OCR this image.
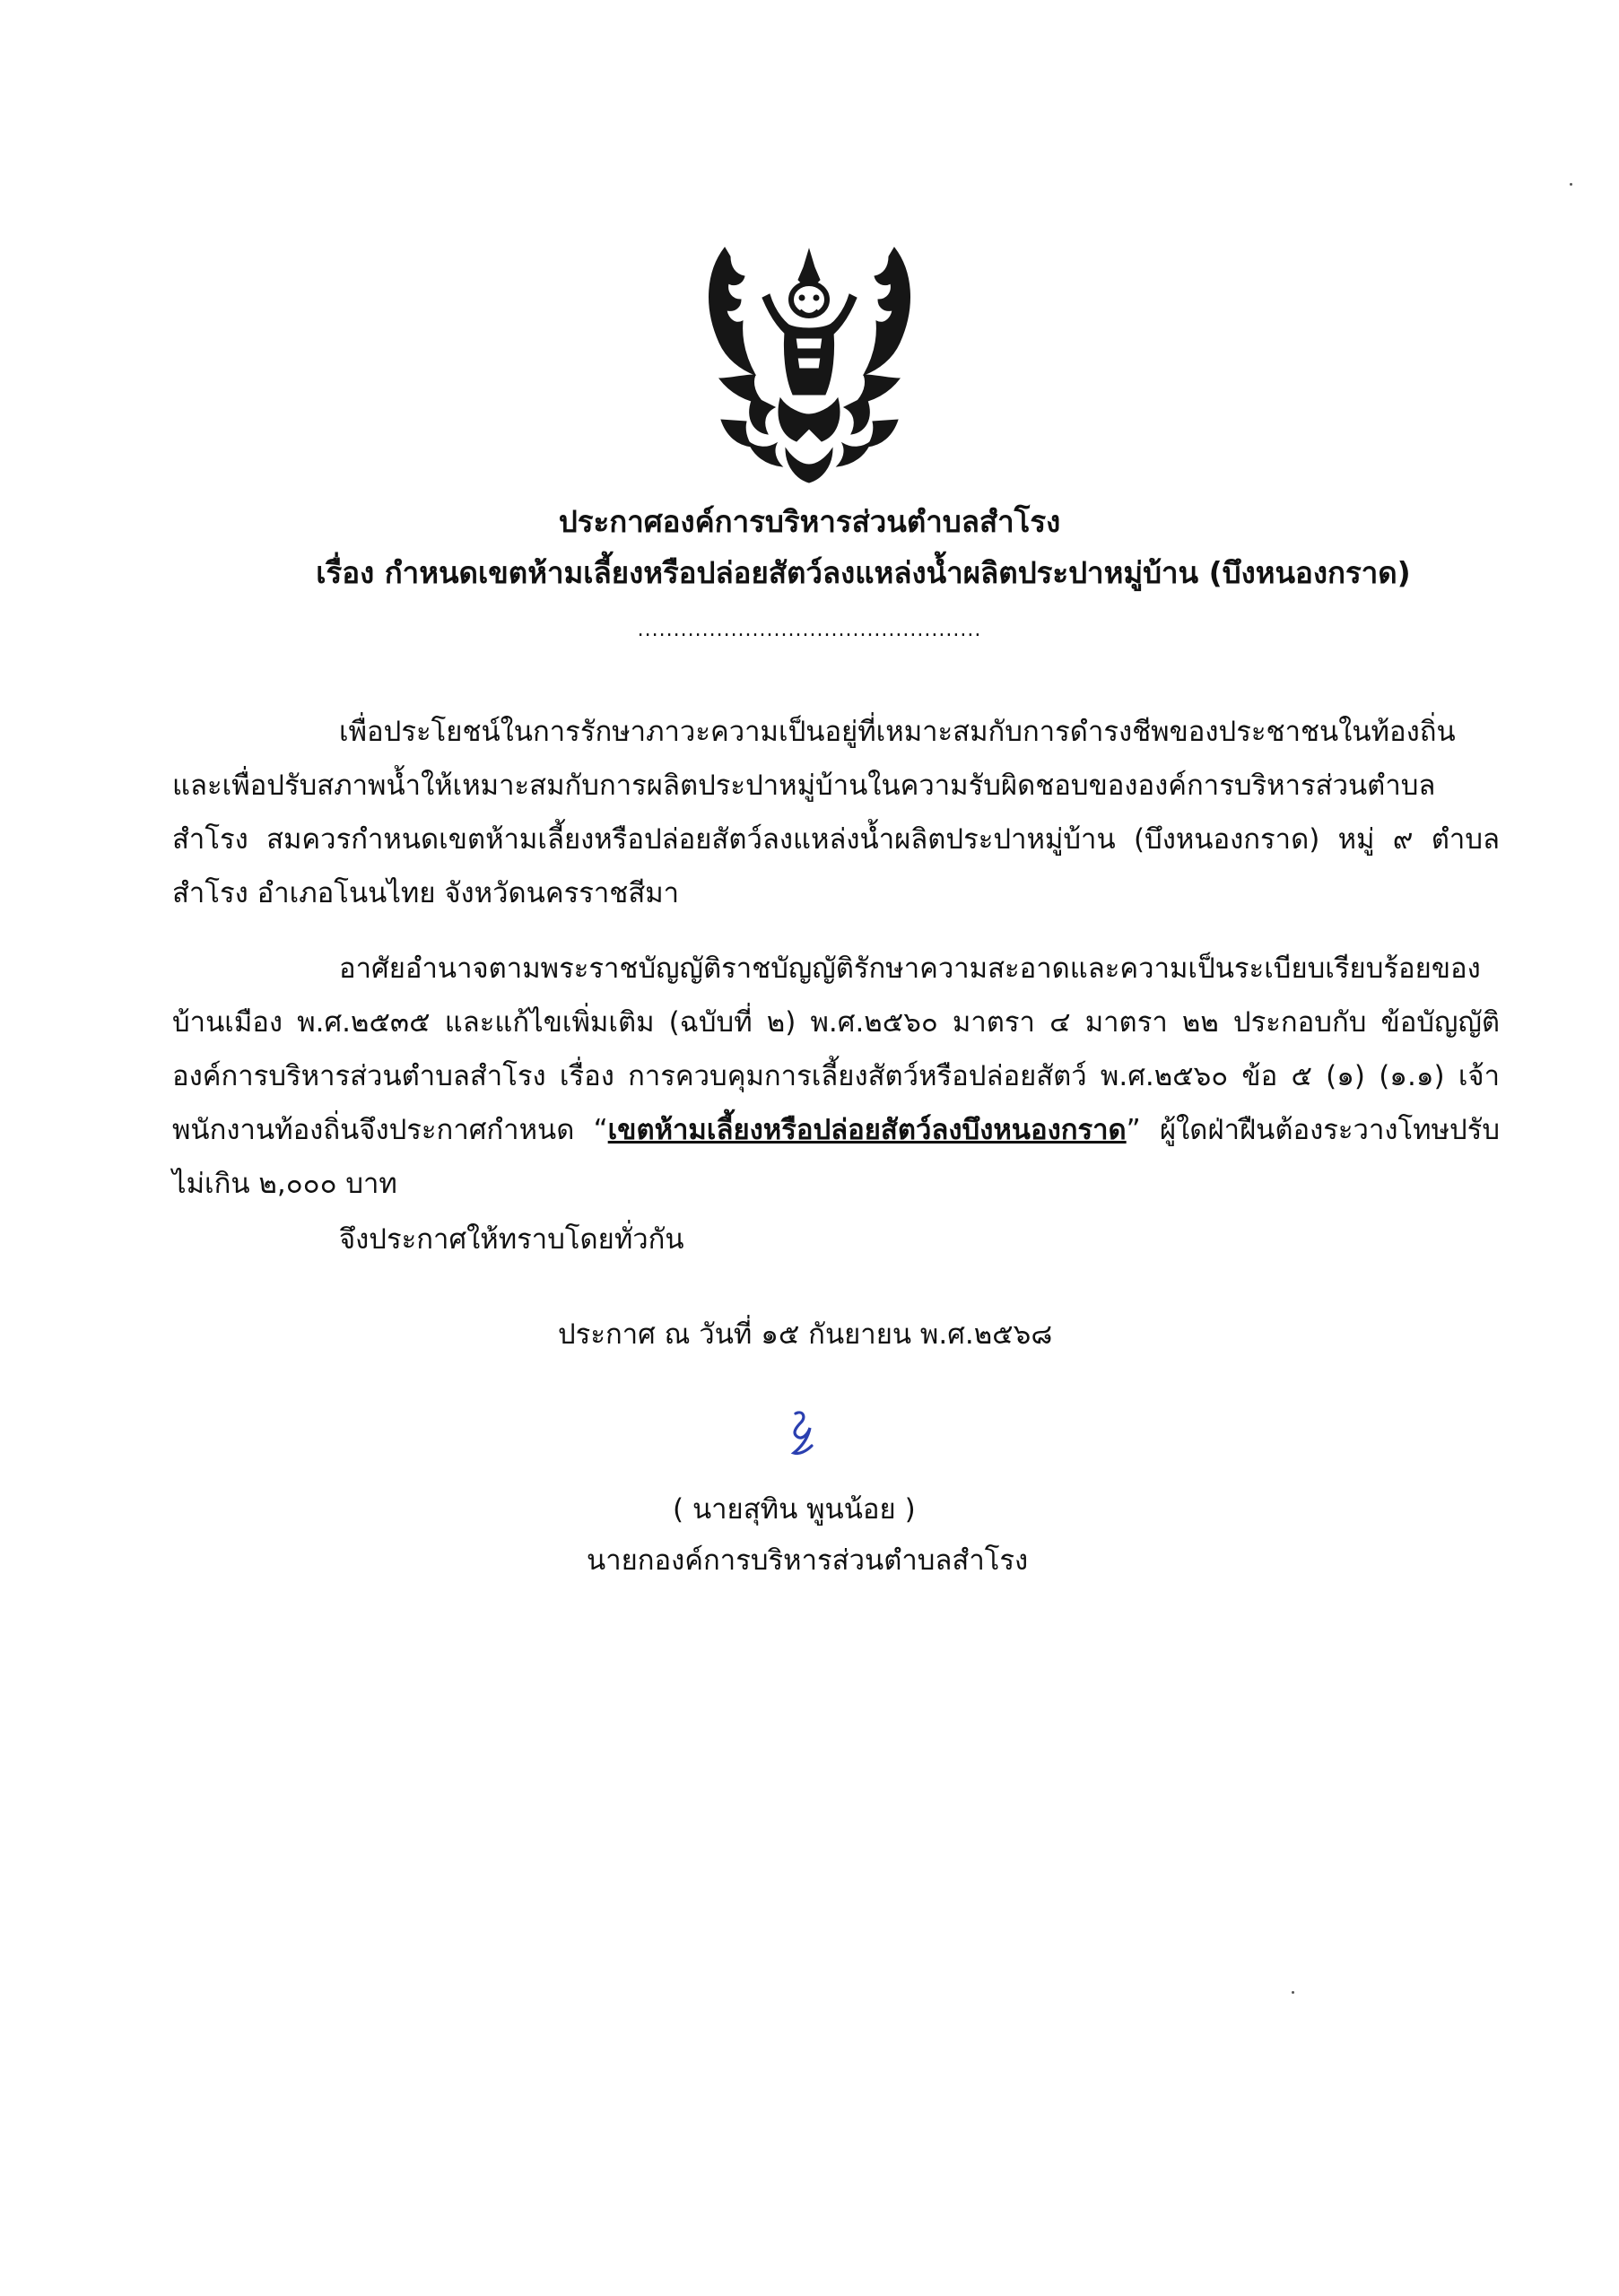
ประกาศองค์การบริหารส่วนตำบลสำโรง
เรื่อง กำหนดเขตห้ามเลี้ยงหรือปล่อยสัตว์ลงแหล่งน้ำผลิตประปาหมู่บ้าน (บึงหนองกราด)
................................................

เพื่อประโยชน์ในการรักษาภาวะความเป็นอยู่ที่เหมาะสมกับการดำรงชีพของประชาชนในท้องถิ่นและเพื่อปรับสภาพน้ำให้เหมาะสมกับการผลิตประปาหมู่บ้านในความรับผิดชอบขององค์การบริหารส่วนตำบลสำโรง สมควรกำหนดเขตห้ามเลี้ยงหรือปล่อยสัตว์ลงแหล่งน้ำผลิตประปาหมู่บ้าน (บึงหนองกราด) หมู่ ๙ ตำบลสำโรง อำเภอโนนไทย จังหวัดนครราชสีมา

อาศัยอำนาจตามพระราชบัญญัติราชบัญญัติรักษาความสะอาดและความเป็นระเบียบเรียบร้อยของบ้านเมือง พ.ศ.๒๕๓๕ และแก้ไขเพิ่มเติม (ฉบับที่ ๒) พ.ศ.๒๕๖๐ มาตรา ๔ มาตรา ๒๒ ประกอบกับ ข้อบัญญัติองค์การบริหารส่วนตำบลสำโรง เรื่อง การควบคุมการเลี้ยงสัตว์หรือปล่อยสัตว์ พ.ศ.๒๕๖๐ ข้อ ๕ (๑) (๑.๑) เจ้าพนักงานท้องถิ่นจึงประกาศกำหนด “เขตห้ามเลี้ยงหรือปล่อยสัตว์ลงบึงหนองกราด” ผู้ใดฝ่าฝืนต้องระวางโทษปรับไม่เกิน ๒,๐๐๐ บาท

จึงประกาศให้ทราบโดยทั่วกัน
ประกาศ ณ วันที่ ๑๕ กันยายน พ.ศ.๒๕๖๘
( นายสุทิน พูนน้อย )
นายกองค์การบริหารส่วนตำบลสำโรง
